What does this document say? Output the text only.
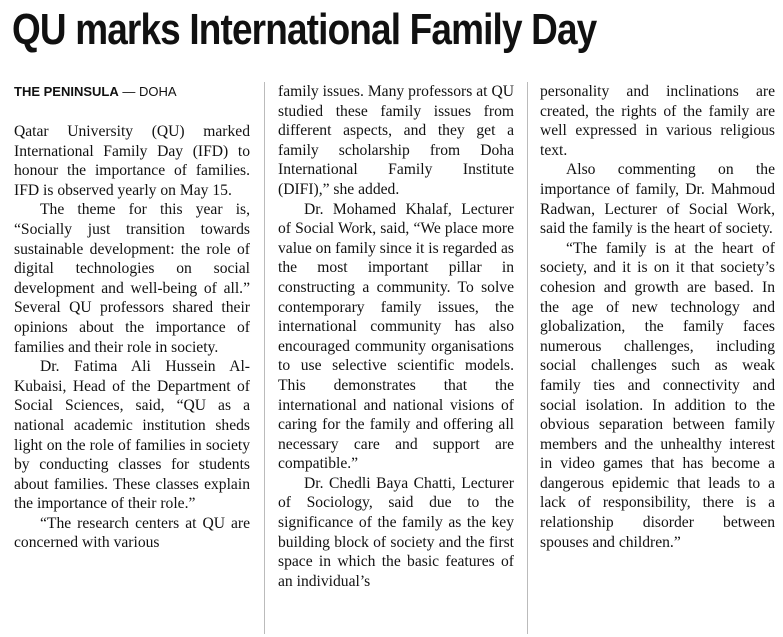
QU marks International Family Day
THE PENINSULA — DOHA

Qatar University (QU) marked International Family Day (IFD) to honour the importance of families. IFD is observed yearly on May 15.

The theme for this year is, “Socially just transition towards sustainable development: the role of digital technologies on social development and well-being of all.” Several QU professors shared their opinions about the importance of families and their role in society.

Dr. Fatima Ali Hussein Al-Kubaisi, Head of the Department of Social Sciences, said, “QU as a national academic institution sheds light on the role of families in society by conducting classes for students about families. These classes explain the importance of their role.”

“The research centers at QU are concerned with various

family issues. Many professors at QU studied these family issues from different aspects, and they get a family scholarship from Doha International Family Institute (DIFI),” she added.

Dr. Mohamed Khalaf, Lecturer of Social Work, said, “We place more value on family since it is regarded as the most important pillar in constructing a community. To solve contemporary family issues, the international community has also encouraged community organisations to use selective scientific models. This demonstrates that the international and national visions of caring for the family and offering all necessary care and support are compatible.”

Dr. Chedli Baya Chatti, Lecturer of Sociology, said due to the significance of the family as the key building block of society and the first space in which the basic features of an individual’s

personality and inclinations are created, the rights of the family are well expressed in various religious text.

Also commenting on the importance of family, Dr. Mahmoud Radwan, Lecturer of Social Work, said the family is the heart of society.

“The family is at the heart of society, and it is on it that society’s cohesion and growth are based. In the age of new technology and globalization, the family faces numerous challenges, including social challenges such as weak family ties and connectivity and social isolation. In addition to the obvious separation between family members and the unhealthy interest in video games that has become a dangerous epidemic that leads to a lack of responsibility, there is a relationship disorder between spouses and children.”
